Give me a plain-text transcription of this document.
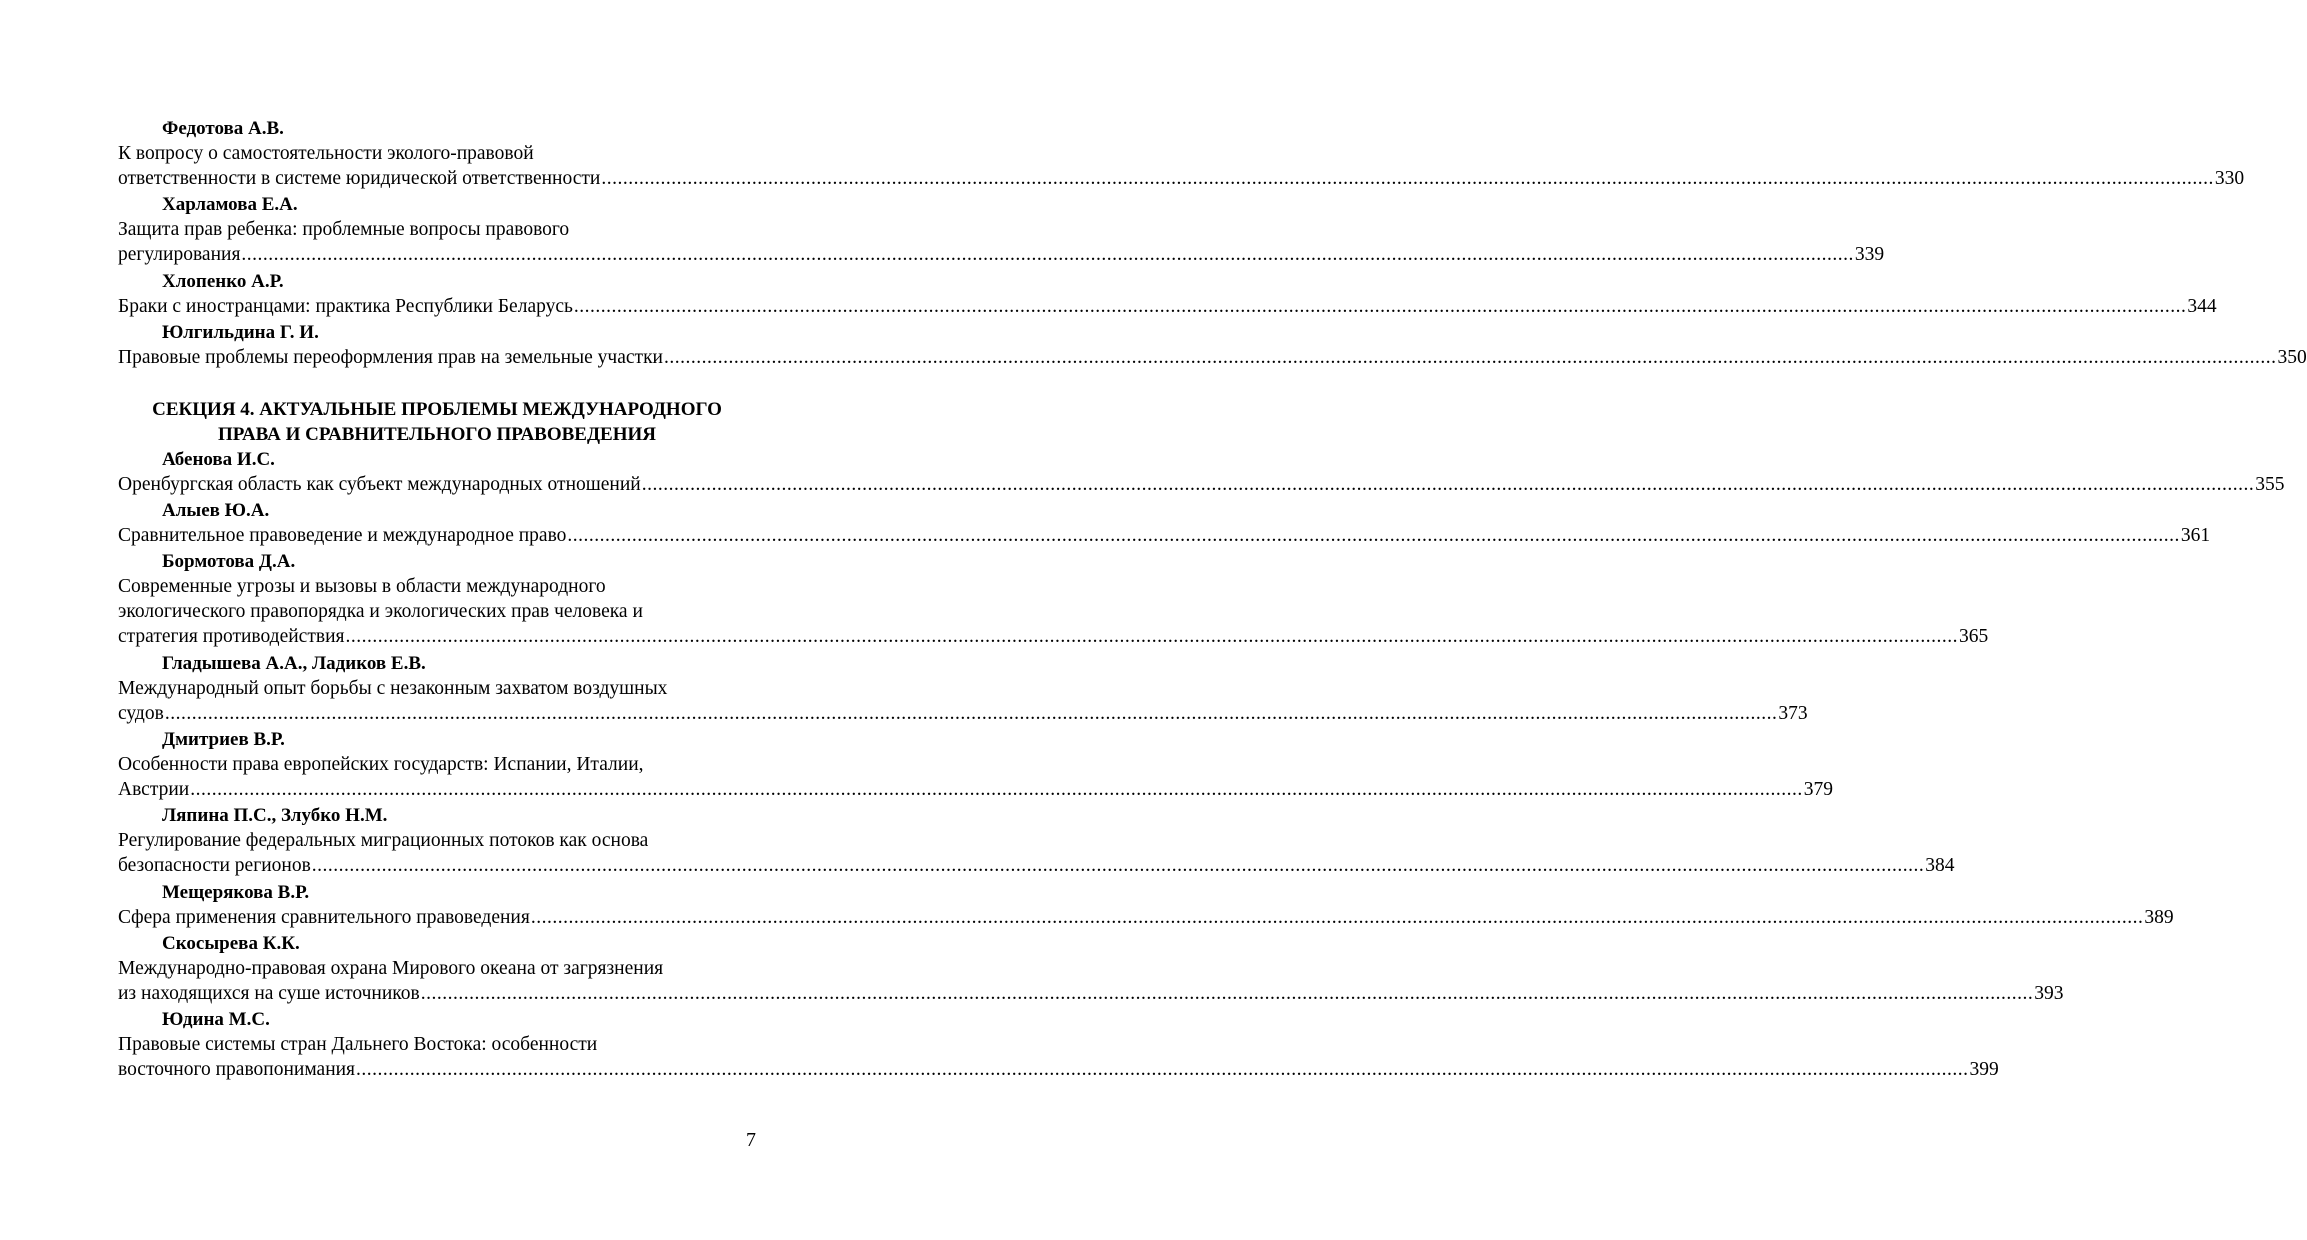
Федотова А.В.
К вопросу о самостоятельности эколого-правовой
ответственности в системе юридической ответственности ............................................................................................................................................................................................................................................................................................................ 330
Харламова Е.А.
Защита прав ребенка: проблемные вопросы правового
регулирования ............................................................................................................................................................................................................................................................................................................ 339
Хлопенко А.Р.
Браки с иностранцами: практика Республики Беларусь ............................................................................................................................................................................................................................................................................................................ 344
Юлгильдина Г. И.
Правовые проблемы переоформления прав на земельные участки ............................................................................................................................................................................................................................................................................................................ 350
СЕКЦИЯ 4. АКТУАЛЬНЫЕ ПРОБЛЕМЫ МЕЖДУНАРОДНОГО
ПРАВА И СРАВНИТЕЛЬНОГО ПРАВОВЕДЕНИЯ
Абенова И.С.
Оренбургская область как субъект международных отношений ............................................................................................................................................................................................................................................................................................................ 355
Алыев Ю.А.
Сравнительное правоведение и международное право ............................................................................................................................................................................................................................................................................................................ 361
Бормотова Д.А.
Современные угрозы и вызовы в области международного
экологического правопорядка и экологических прав человека и
стратегия противодействия ............................................................................................................................................................................................................................................................................................................ 365
Гладышева А.А., Ладиков Е.В.
Международный опыт борьбы с незаконным захватом воздушных
судов ............................................................................................................................................................................................................................................................................................................ 373
Дмитриев В.Р.
Особенности права европейских государств: Испании, Италии,
Австрии ............................................................................................................................................................................................................................................................................................................ 379
Ляпина П.С., Злубко Н.М.
Регулирование федеральных миграционных потоков как основа
безопасности регионов ............................................................................................................................................................................................................................................................................................................ 384
Мещерякова В.Р.
Сфера применения сравнительного правоведения ............................................................................................................................................................................................................................................................................................................ 389
Скосырева К.К.
Международно-правовая охрана Мирового океана от загрязнения
из находящихся на суше источников ............................................................................................................................................................................................................................................................................................................ 393
Юдина М.С.
Правовые системы стран Дальнего Востока: особенности
восточного правопонимания ............................................................................................................................................................................................................................................................................................................ 399
7
